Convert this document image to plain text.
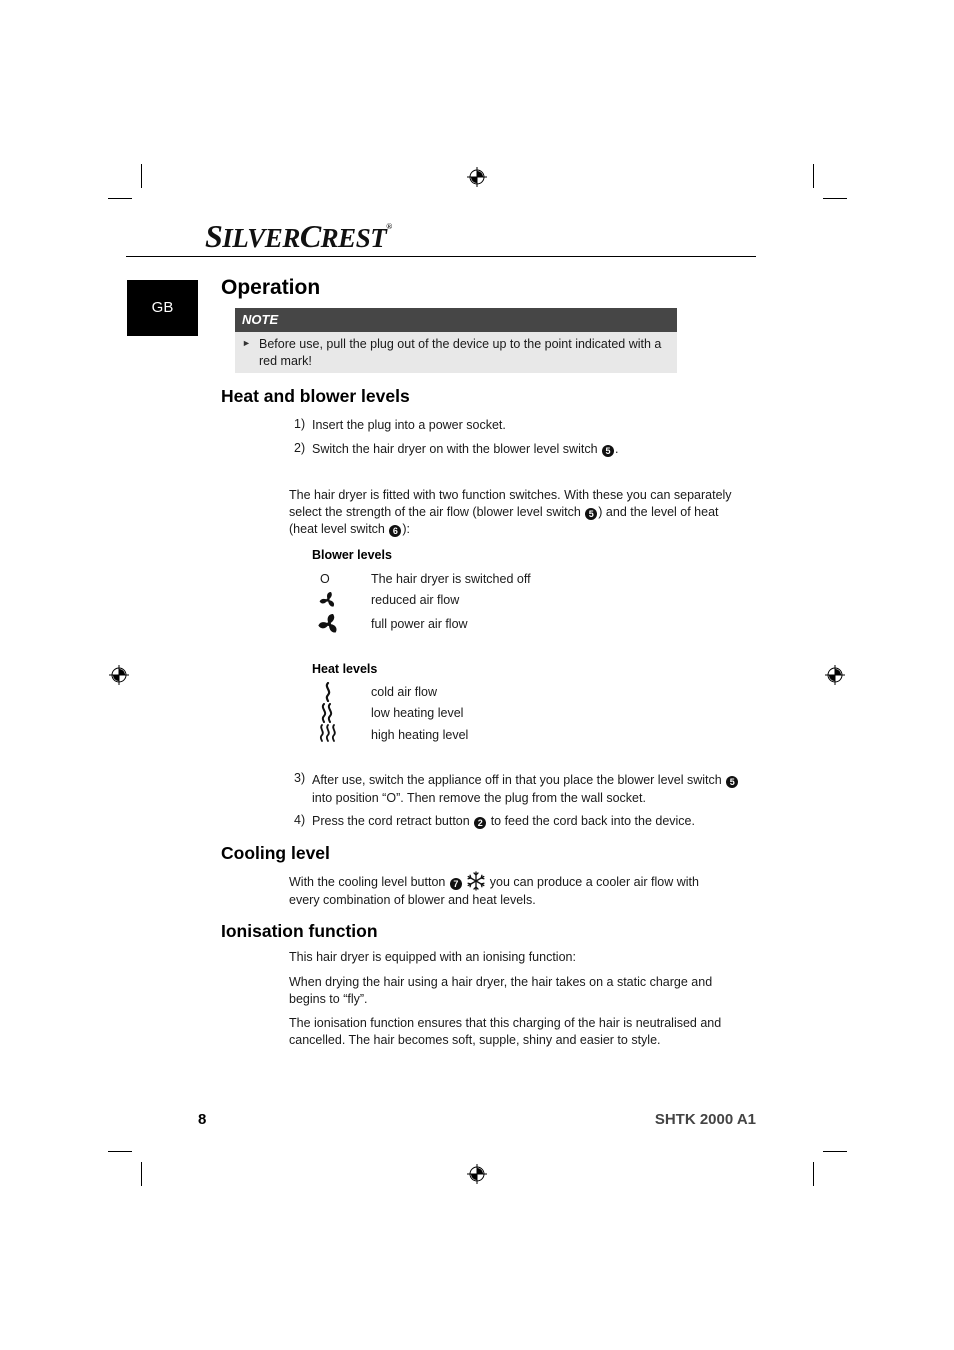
SILVERCREST®
GB
Operation
NOTE
► Before use, pull the plug out of the device up to the point indicated with a red mark!
Heat and blower levels
1) Insert the plug into a power socket.
2) Switch the hair dryer on with the blower level switch 5 .
The hair dryer is fitted with two function switches. With these you can separately select the strength of the air flow (blower level switch 5 ) and the level of heat (heat level switch 6 ):
Blower levels
O	The hair dryer is switched off
reduced air flow
full power air flow
Heat levels
cold air flow
low heating level
high heating level
3) After use, switch the appliance off in that you place the blower level switch 5 into position “O”. Then remove the plug from the wall socket.
4) Press the cord retract button 2 to feed the cord back into the device.
Cooling level
With the cooling level button 7	you can produce a cooler air flow with every combination of blower and heat levels.
Ionisation function
This hair dryer is equipped with an ionising function:
When drying the hair using a hair dryer, the hair takes on a static charge and begins to “fly”.
The ionisation function ensures that this charging of the hair is neutralised and cancelled. The hair becomes soft, supple, shiny and easier to style.
8	SHTK 2000 A1
